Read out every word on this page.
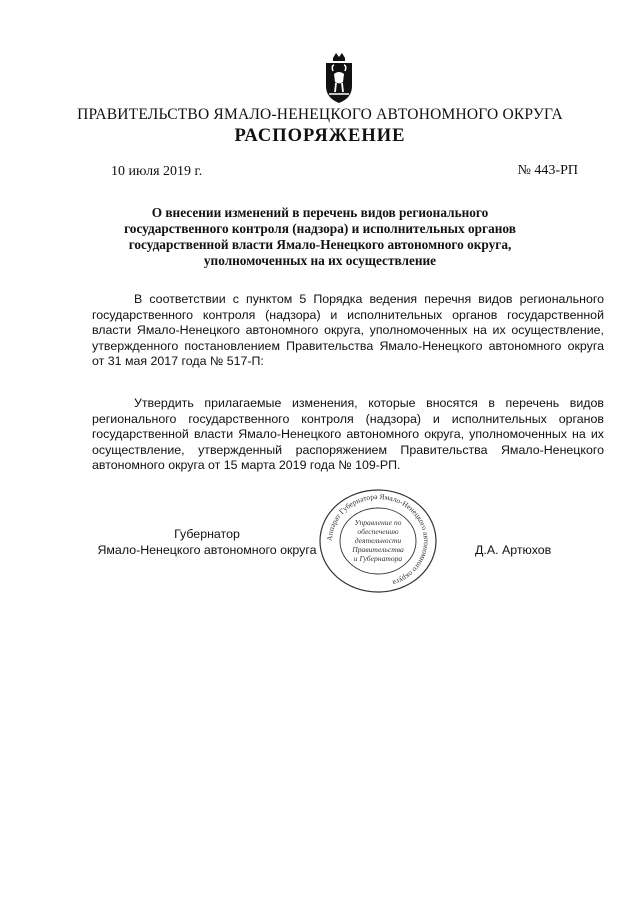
ПРАВИТЕЛЬСТВО ЯМАЛО-НЕНЕЦКОГО АВТОНОМНОГО ОКРУГА
РАСПОРЯЖЕНИЕ
10 июля 2019 г.	№ 443-РП
О внесении изменений в перечень видов регионального государственного контроля (надзора) и исполнительных органов государственной власти Ямало-Ненецкого автономного округа, уполномоченных на их осуществление
В соответствии с пунктом 5 Порядка ведения перечня видов регионального государственного контроля (надзора) и исполнительных органов государственной власти Ямало-Ненецкого автономного округа, уполномоченных на их осуществление, утвержденного постановлением Правительства Ямало-Ненецкого автономного округа от 31 мая 2017 года № 517-П:
Утвердить прилагаемые изменения, которые вносятся в перечень видов регионального государственного контроля (надзора) и исполнительных органов государственной власти Ямало-Ненецкого автономного округа, уполномоченных на их осуществление, утвержденный распоряжением Правительства Ямало-Ненецкого автономного округа от 15 марта 2019 года № 109-РП.
Губернатор
Ямало-Ненецкого автономного округа	Д.А. Артюхов
Аппарат Губернатора Ямало-Ненецкого автономного округа
Управление по
обеспечению
деятельности
Правительства
и Губернатора
